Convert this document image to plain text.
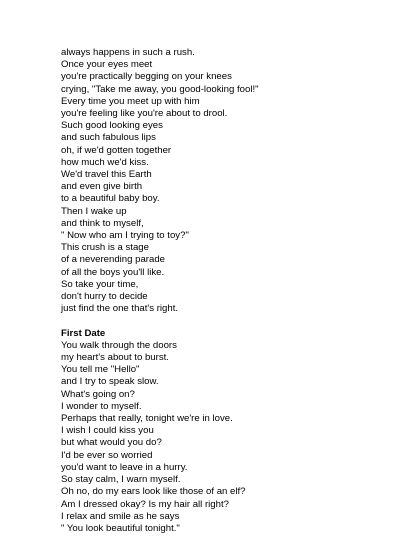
always happens in such a rush.
Once your eyes meet
you're practically begging on your knees
crying, "Take me away, you good-looking fool!"
Every time you meet up with him
you're feeling like you're about to drool.
Such good looking eyes
and such fabulous lips
oh, if we'd gotten together
how much we'd kiss.
We'd travel this Earth
and even give birth
to a beautiful baby boy.
Then I wake up
and think to myself,
" Now who am I trying to toy?"
This crush is a stage
of a neverending parade
of all the boys you'll like.
So take your time,
don't hurry to decide
just find the one that's right.
First Date
You walk through the doors
my heart's about to burst.
You tell me "Hello"
and I try to speak slow.
What's going on?
I wonder to myself.
Perhaps that really, tonight we're in love.
I wish I could kiss you
but what would you do?
I'd be ever so worried
you'd want to leave in a hurry.
So stay calm, I warn myself.
Oh no, do my ears look like those of an elf?
Am I dressed okay? Is my hair all right?
I relax and smile as he says
" You look beautiful tonight."
